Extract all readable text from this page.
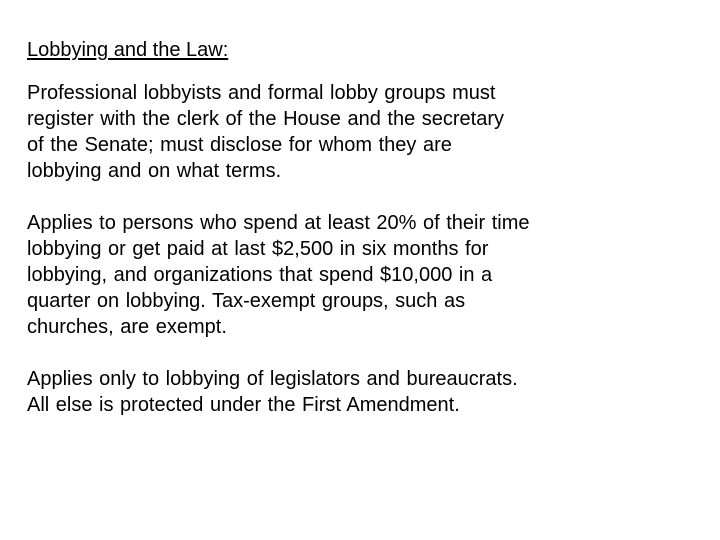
Lobbying and the Law:

Professional lobbyists and formal lobby groups must
register with the clerk of the House and the secretary
of the Senate; must disclose for whom they are
lobbying and on what terms.

Applies to persons who spend at least 20% of their time
lobbying or get paid at last $2,500 in six months for
lobbying, and organizations that spend $10,000 in a
quarter on lobbying. Tax-exempt groups, such as
churches, are exempt.

Applies only to lobbying of legislators and bureaucrats.
All else is protected under the First Amendment.
